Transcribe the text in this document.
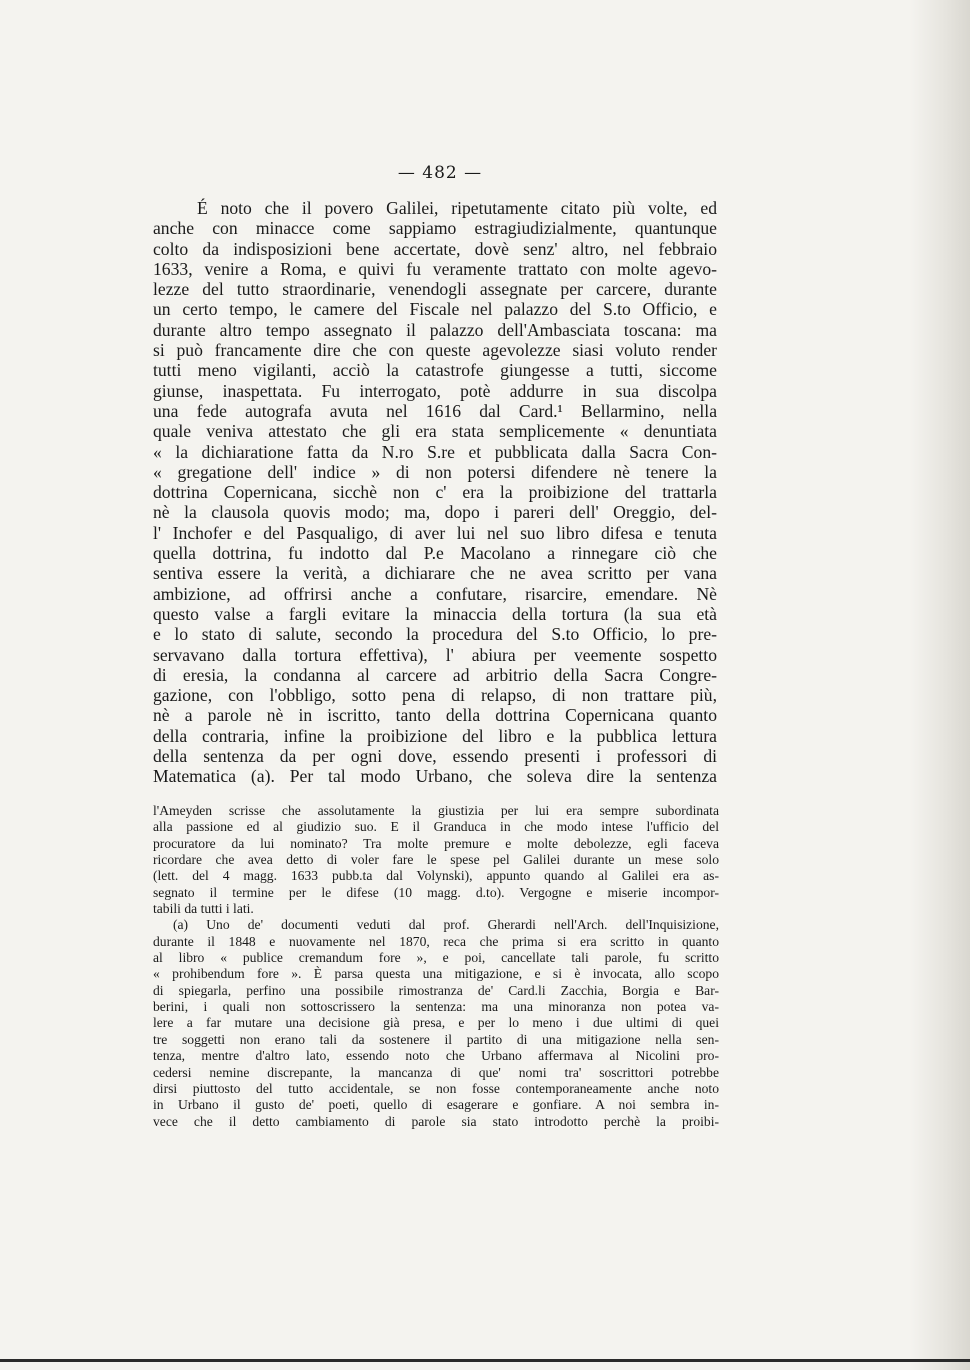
— 482 —
É noto che il povero Galilei, ripetutamente citato più volte, ed
anche con minacce come sappiamo estragiudizialmente, quantunque
colto da indisposizioni bene accertate, dovè senz' altro, nel febbraio
1633, venire a Roma, e quivi fu veramente trattato con molte agevo-
lezze del tutto straordinarie, venendogli assegnate per carcere, durante
un certo tempo, le camere del Fiscale nel palazzo del S.to Officio, e
durante altro tempo assegnato il palazzo dell'Ambasciata toscana: ma
si può francamente dire che con queste agevolezze siasi voluto render
tutti meno vigilanti, acciò la catastrofe giungesse a tutti, siccome
giunse, inaspettata. Fu interrogato, potè addurre in sua discolpa
una fede autografa avuta nel 1616 dal Card.¹ Bellarmino, nella
quale veniva attestato che gli era stata semplicemente « denuntiata
« la dichiaratione fatta da N.ro S.re et pubblicata dalla Sacra Con-
« gregatione dell' indice » di non potersi difendere nè tenere la
dottrina Copernicana, sicchè non c' era la proibizione del trattarla
nè la clausola quovis modo; ma, dopo i pareri dell' Oreggio, del-
l' Inchofer e del Pasqualigo, di aver lui nel suo libro difesa e tenuta
quella dottrina, fu indotto dal P.e Macolano a rinnegare ciò che
sentiva essere la verità, a dichiarare che ne avea scritto per vana
ambizione, ad offrirsi anche a confutare, risarcire, emendare. Nè
questo valse a fargli evitare la minaccia della tortura (la sua età
e lo stato di salute, secondo la procedura del S.to Officio, lo pre-
servavano dalla tortura effettiva), l' abiura per veemente sospetto
di eresia, la condanna al carcere ad arbitrio della Sacra Congre-
gazione, con l'obbligo, sotto pena di relapso, di non trattare più,
nè a parole nè in iscritto, tanto della dottrina Copernicana quanto
della contraria, infine la proibizione del libro e la pubblica lettura
della sentenza da per ogni dove, essendo presenti i professori di
Matematica (a). Per tal modo Urbano, che soleva dire la sentenza
l'Ameyden scrisse che assolutamente la giustizia per lui era sempre subordinata
alla passione ed al giudizio suo. E il Granduca in che modo intese l'ufficio del
procuratore da lui nominato? Tra molte premure e molte debolezze, egli faceva
ricordare che avea detto di voler fare le spese pel Galilei durante un mese solo
(lett. del 4 magg. 1633 pubb.ta dal Volynski), appunto quando al Galilei era as-
segnato il termine per le difese (10 magg. d.to). Vergogne e miserie incompor-
tabili da tutti i lati.
(a) Uno de' documenti veduti dal prof. Gherardi nell'Arch. dell'Inquisizione,
durante il 1848 e nuovamente nel 1870, reca che prima si era scritto in quanto
al libro « publice cremandum fore », e poi, cancellate tali parole, fu scritto
« prohibendum fore ». È parsa questa una mitigazione, e si è invocata, allo scopo
di spiegarla, perfino una possibile rimostranza de' Card.li Zacchia, Borgia e Bar-
berini, i quali non sottoscrissero la sentenza: ma una minoranza non potea va-
lere a far mutare una decisione già presa, e per lo meno i due ultimi di quei
tre soggetti non erano tali da sostenere il partito di una mitigazione nella sen-
tenza, mentre d'altro lato, essendo noto che Urbano affermava al Nicolini pro-
cedersi nemine discrepante, la mancanza di que' nomi tra' soscrittori potrebbe
dirsi piuttosto del tutto accidentale, se non fosse contemporaneamente anche noto
in Urbano il gusto de' poeti, quello di esagerare e gonfiare. A noi sembra in-
vece che il detto cambiamento di parole sia stato introdotto perchè la proibi-
